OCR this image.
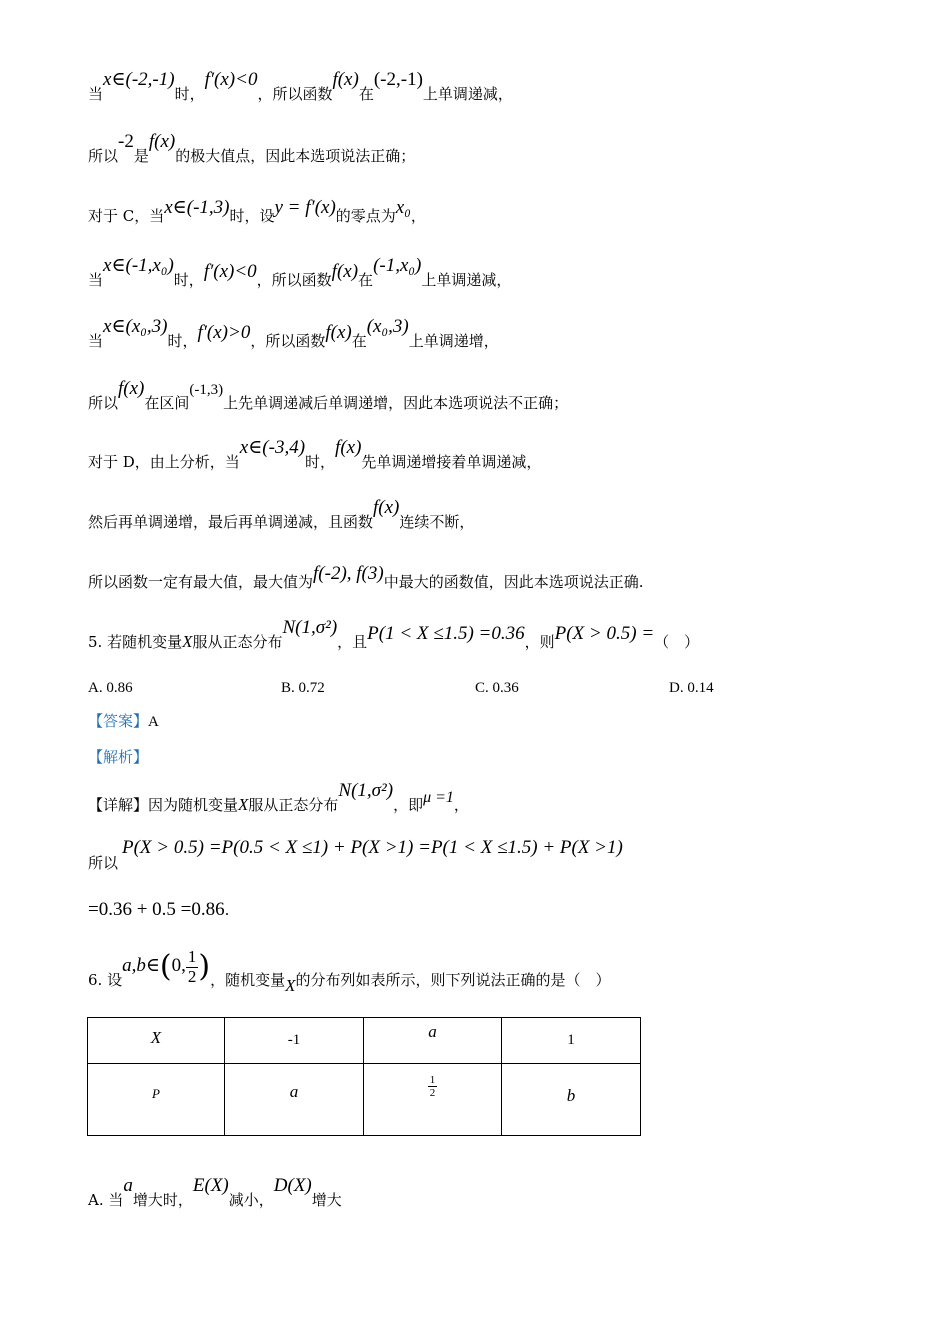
当x∈(-2,-1)时，f′(x)<0，所以函数f(x)在(-2,-1)上单调递减，
所以-2是f(x)的极大值点，因此本选项说法正确；
对于 C，当x∈(-1,3)时，设y = f′(x)的零点为x₀，
当x∈(-1,x₀)时，f′(x)<0，所以函数f(x)在(-1,x₀)上单调递减，
当x∈(x₀,3)时，f′(x)>0，所以函数f(x)在(x₀,3)上单调递增，
所以f(x)在区间(-1,3)上先单调递减后单调递增，因此本选项说法不正确；
对于 D，由上分析，当x∈(-3,4)时，f(x)先单调递增接着单调递减，
然后再单调递增，最后再单调递减，且函数f(x)连续不断，
所以函数一定有最大值，最大值为f(-2), f(3)中最大的函数值，因此本选项说法正确.
5. 若随机变量X服从正态分布N(1,σ²)，且P(1 < X ≤1.5) =0.36，则P(X > 0.5) =（　）
A. 0.86	B. 0.72	C. 0.36	D. 0.14
【答案】A
【解析】
【详解】因为随机变量X服从正态分布N(1,σ²)，即μ =1，
所以
P(X > 0.5) =P(0.5 < X ≤1) + P(X >1) =P(1 < X ≤1.5) + P(X >1)
=0.36 + 0.5 =0.86.
6. 设a,b∈(0, $\frac{1}{2}$ )，随机变量X的分布列如表所示，则下列说法正确的是（　）
X	-1	a	1
P	a	$\frac{1}{2}$	b
A. 当a增大时，E(X)减小，D(X)增大
